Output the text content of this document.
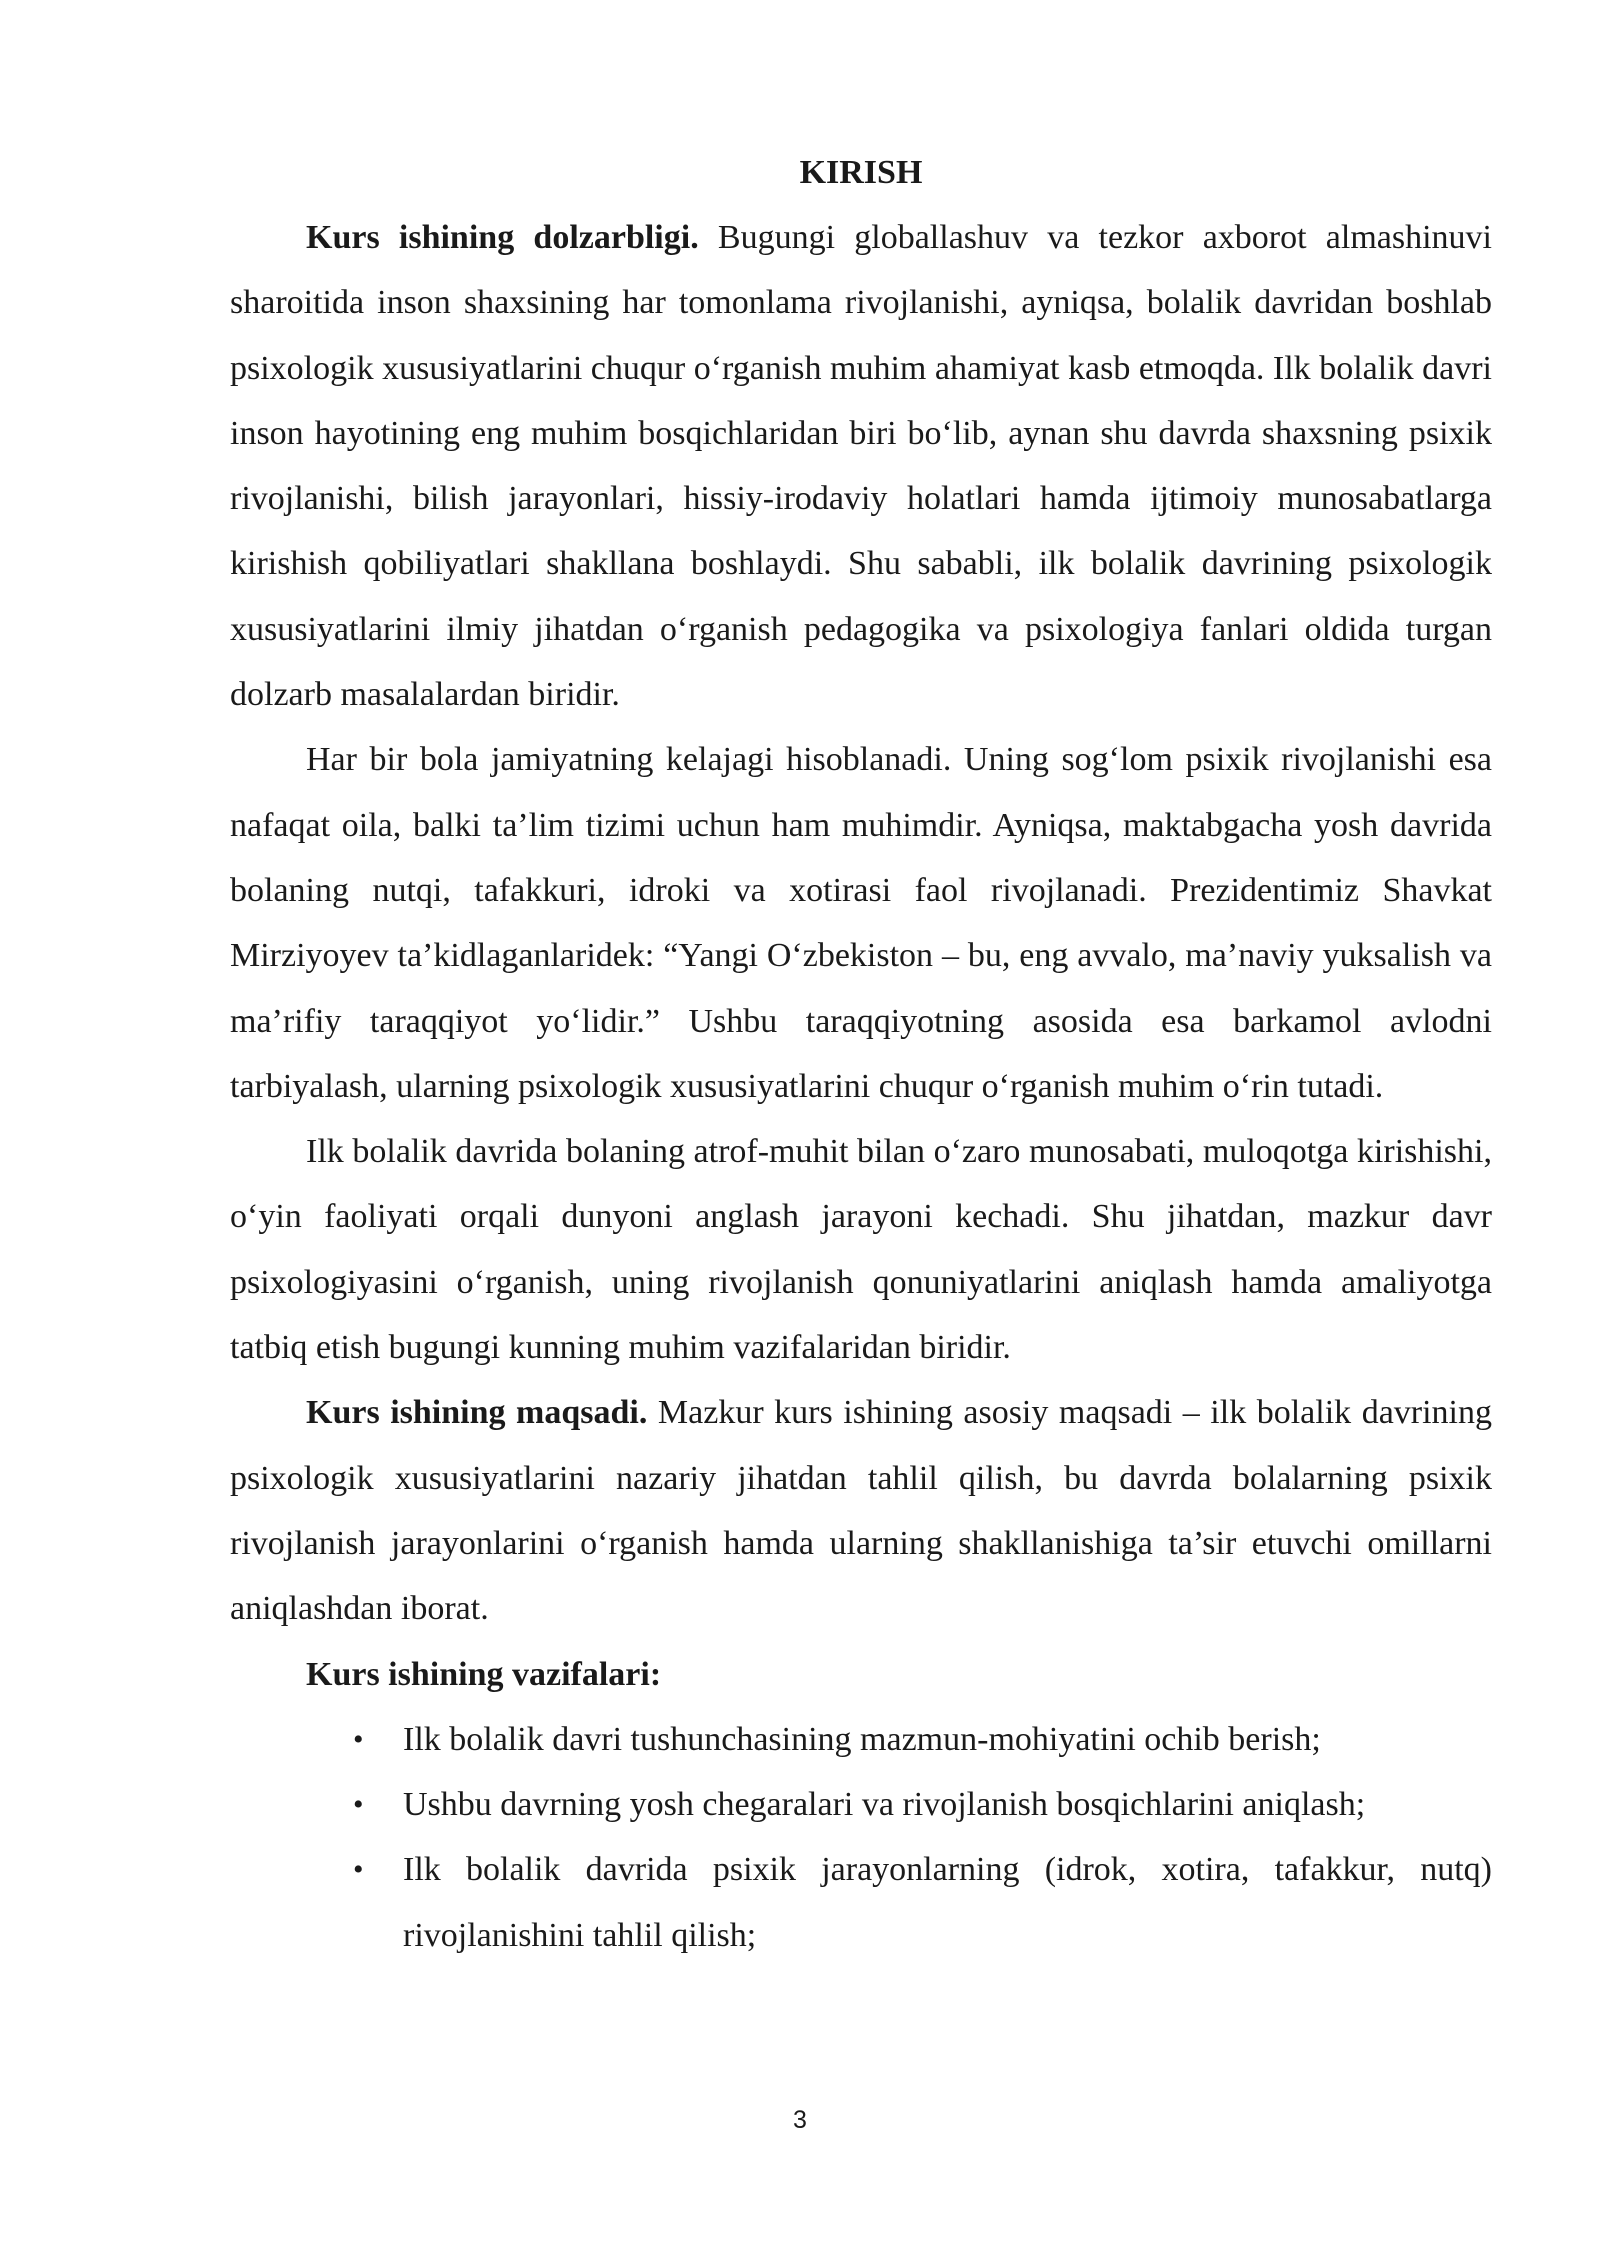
KIRISH

Kurs ishining dolzarbligi. Bugungi globallashuv va tezkor axborot almashinuvi sharoitida inson shaxsining har tomonlama rivojlanishi, ayniqsa, bolalik davridan boshlab psixologik xususiyatlarini chuqur o‘rganish muhim ahamiyat kasb etmoqda. Ilk bolalik davri inson hayotining eng muhim bosqichlaridan biri bo‘lib, aynan shu davrda shaxsning psixik rivojlanishi, bilish jarayonlari, hissiy-irodaviy holatlari hamda ijtimoiy munosabatlarga kirishish qobiliyatlari shakllana boshlaydi. Shu sababli, ilk bolalik davrining psixologik xususiyatlarini ilmiy jihatdan o‘rganish pedagogika va psixologiya fanlari oldida turgan dolzarb masalalardan biridir.

Har bir bola jamiyatning kelajagi hisoblanadi. Uning sog‘lom psixik rivojlanishi esa nafaqat oila, balki ta’lim tizimi uchun ham muhimdir. Ayniqsa, maktabgacha yosh davrida bolaning nutqi, tafakkuri, idroki va xotirasi faol rivojlanadi. Prezidentimiz Shavkat Mirziyoyev ta’kidlaganlaridek: “Yangi O‘zbekiston – bu, eng avvalo, ma’naviy yuksalish va ma’rifiy taraqqiyot yo‘lidir.” Ushbu taraqqiyotning asosida esa barkamol avlodni tarbiyalash, ularning psixologik xususiyatlarini chuqur o‘rganish muhim o‘rin tutadi.

Ilk bolalik davrida bolaning atrof-muhit bilan o‘zaro munosabati, muloqotga kirishishi, o‘yin faoliyati orqali dunyoni anglash jarayoni kechadi. Shu jihatdan, mazkur davr psixologiyasini o‘rganish, uning rivojlanish qonuniyatlarini aniqlash hamda amaliyotga tatbiq etish bugungi kunning muhim vazifalaridan biridir.

Kurs ishining maqsadi. Mazkur kurs ishining asosiy maqsadi – ilk bolalik davrining psixologik xususiyatlarini nazariy jihatdan tahlil qilish, bu davrda bolalarning psixik rivojlanish jarayonlarini o‘rganish hamda ularning shakllanishiga ta’sir etuvchi omillarni aniqlashdan iborat.

Kurs ishining vazifalari:

• Ilk bolalik davri tushunchasining mazmun-mohiyatini ochib berish;
• Ushbu davrning yosh chegaralari va rivojlanish bosqichlarini aniqlash;
• Ilk bolalik davrida psixik jarayonlarning (idrok, xotira, tafakkur, nutq) rivojlanishini tahlil qilish;
3
